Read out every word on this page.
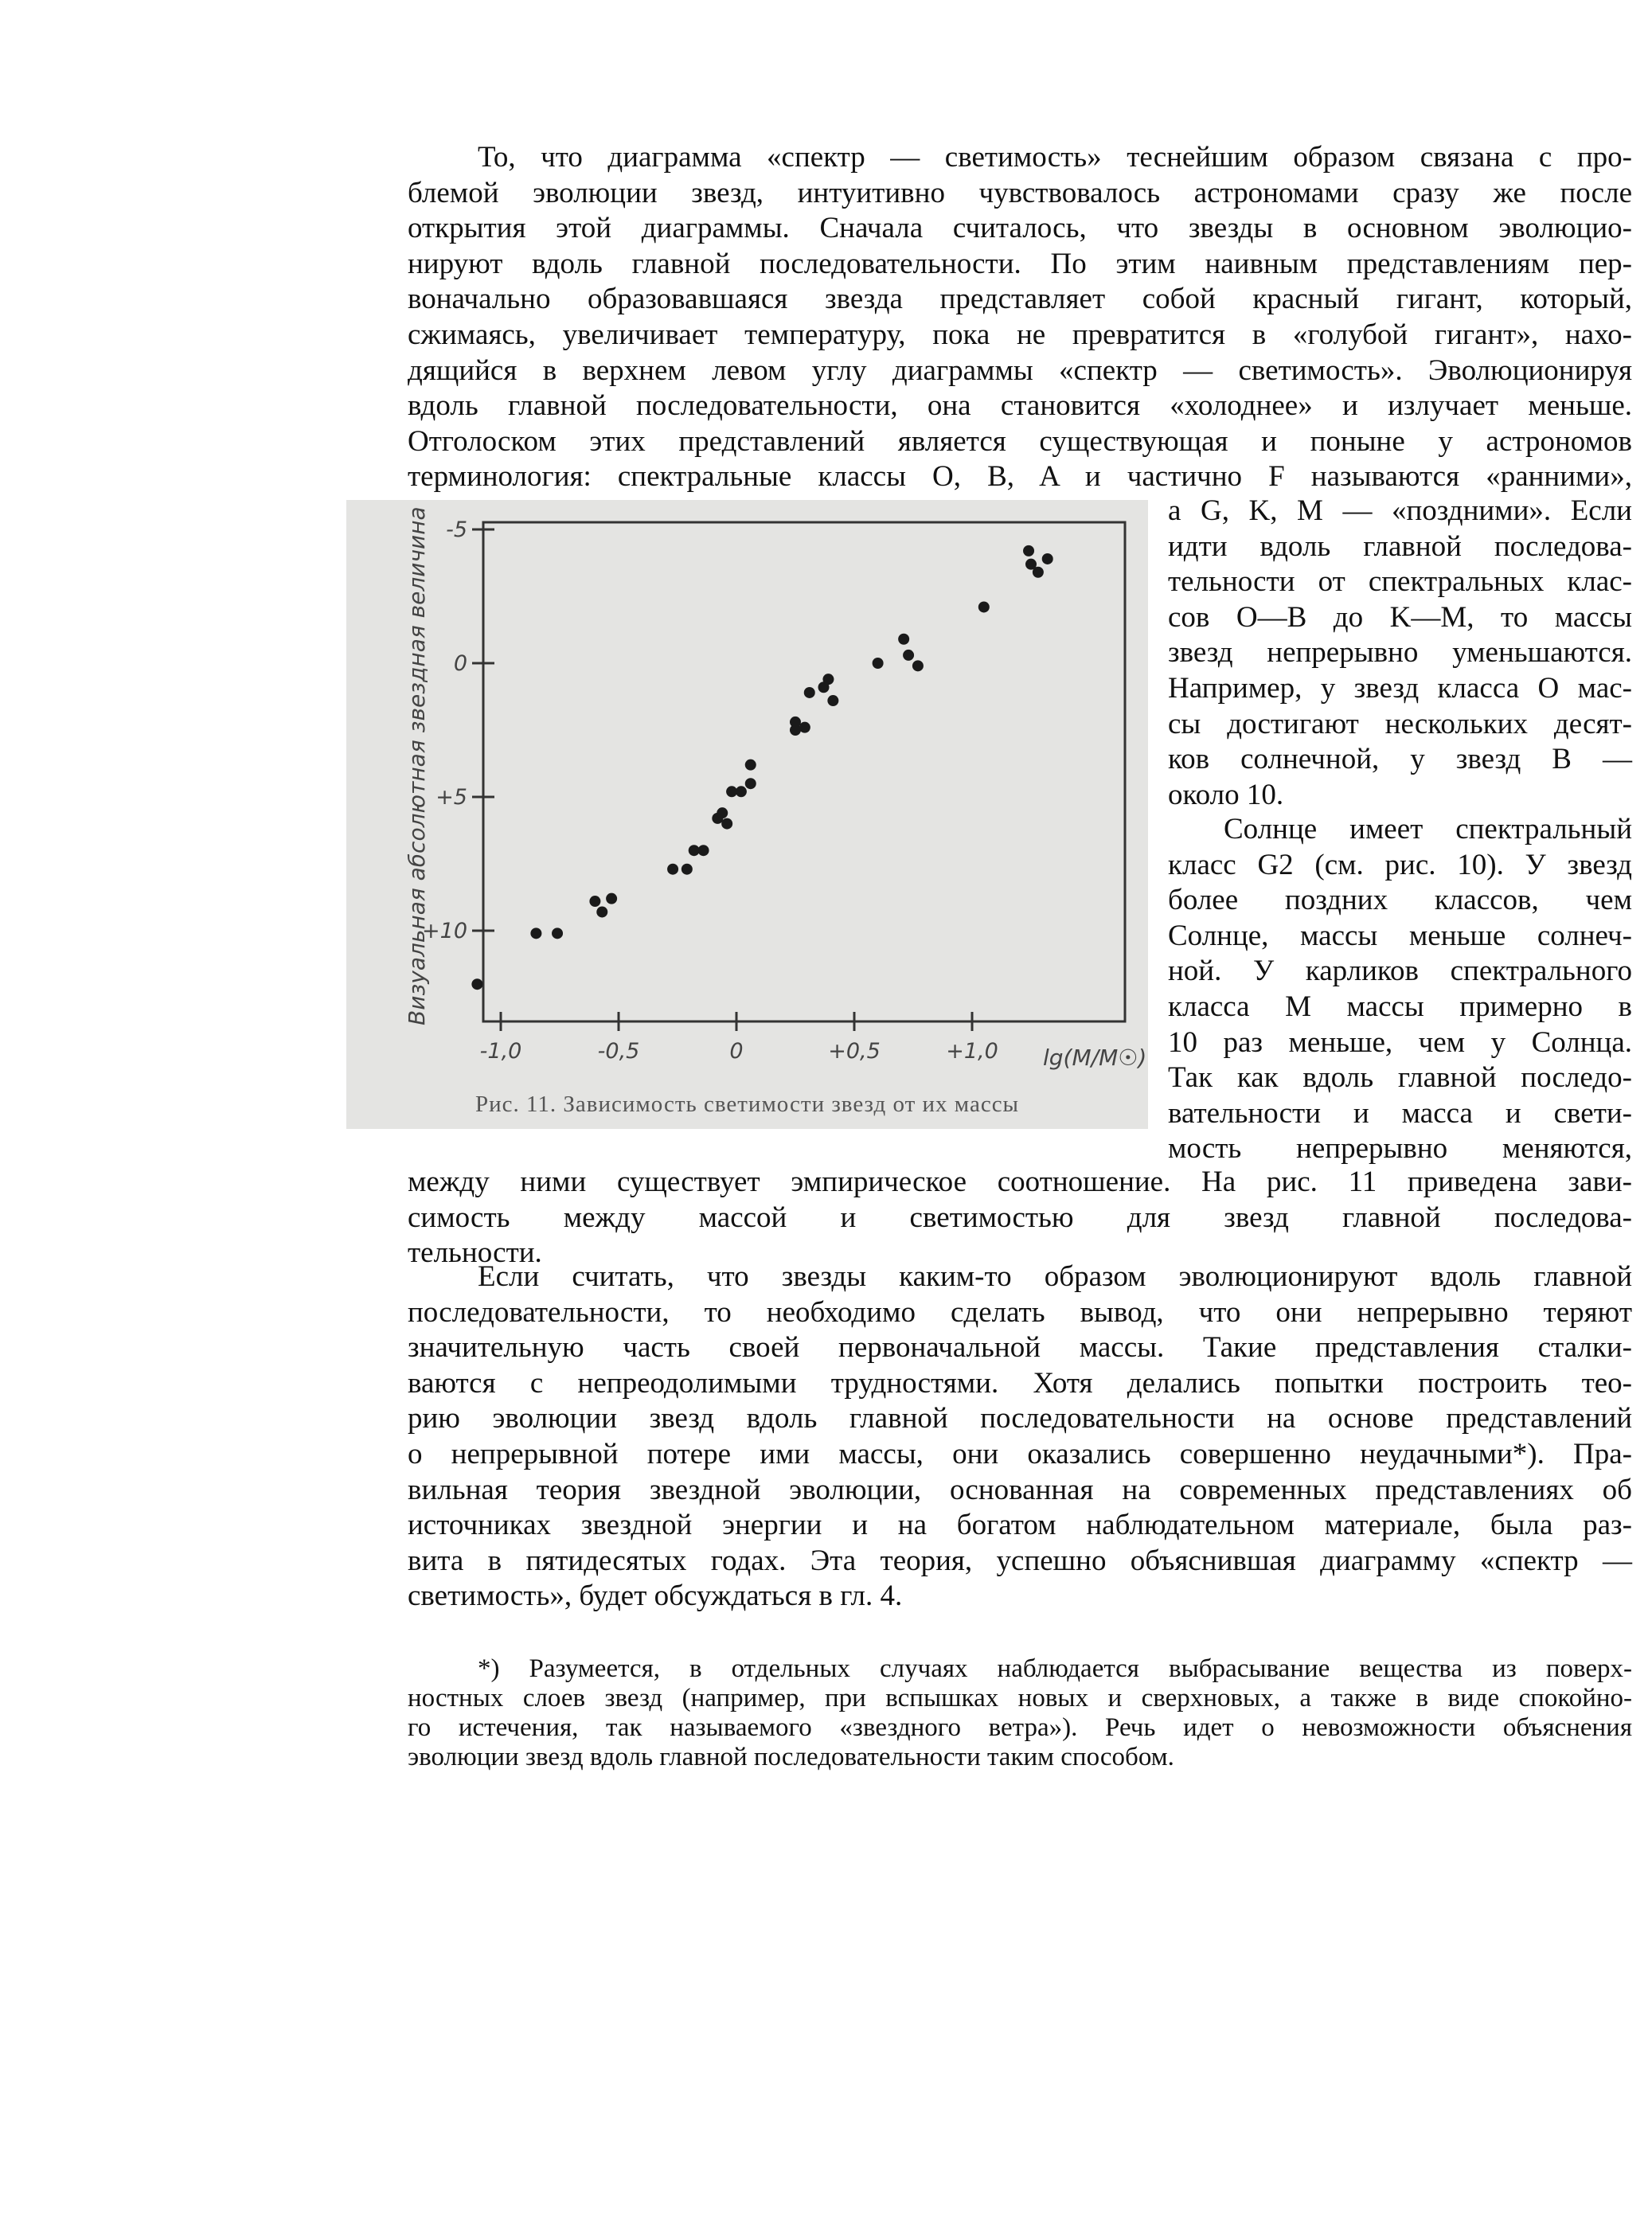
То, что диаграмма «спектр — светимость» теснейшим образом связана с про-
блемой эволюции звезд, интуитивно чувствовалось астрономами сразу же после
открытия этой диаграммы. Сначала считалось, что звезды в основном эволюцио-
нируют вдоль главной последовательности. По этим наивным представлениям пер-
воначально образовавшаяся звезда представляет собой красный гигант, который,
сжимаясь, увеличивает температуру, пока не превратится в «голубой гигант», нахо-
дящийся в верхнем левом углу диаграммы «спектр — светимость». Эволюционируя
вдоль главной последовательности, она становится «холоднее» и излучает меньше.
Отголоском этих представлений является существующая и поныне у астрономов
терминология: спектральные классы O, B, A и частично F называются «ранними»,
а G, K, M — «поздними». Если
идти вдоль главной последова-
тельности от спектральных клас-
сов O—B до K—M, то массы
звезд непрерывно уменьшаются.
Например, у звезд класса O мас-
сы достигают нескольких десят-
ков солнечной, у звезд B —
около 10.
Солнце имеет спектральный
класс G2 (см. рис. 10). У звезд
более поздних классов, чем
Солнце, массы меньше солнеч-
ной. У карликов спектрального
класса M массы примерно в
10 раз меньше, чем у Солнца.
Так как вдоль главной последо-
вательности и масса и свети-
мость непрерывно меняются,
между ними существует эмпирическое соотношение. На рис. 11 приведена зави-
симость между массой и светимостью для звезд главной последова-
тельности.
Если считать, что звезды каким-то образом эволюционируют вдоль главной
последовательности, то необходимо сделать вывод, что они непрерывно теряют
значительную часть своей первоначальной массы. Такие представления сталки-
ваются с непреодолимыми трудностями. Хотя делались попытки построить тео-
рию эволюции звезд вдоль главной последовательности на основе представлений
о непрерывной потере ими массы, они оказались совершенно неудачными*). Пра-
вильная теория звездной эволюции, основанная на современных представлениях об
источниках звездной энергии и на богатом наблюдательном материале, была раз-
вита в пятидесятых годах. Эта теория, успешно объяснившая диаграмму «спектр —
светимость», будет обсуждаться в гл. 4.
*) Разумеется, в отдельных случаях наблюдается выбрасывание вещества из поверх-
ностных слоев звезд (например, при вспышках новых и сверхновых, а также в виде спокойно-
го истечения, так называемого «звездного ветра»). Речь идет о невозможности объяснения
эволюции звезд вдоль главной последовательности таким способом.
-5
0
+5
+10
-1,0	-0,5	0	+0,5	+1,0
Визуальная абсолютная звездная величина
lg(M/M☉)
Рис. 11. Зависимость светимости звезд от их массы
